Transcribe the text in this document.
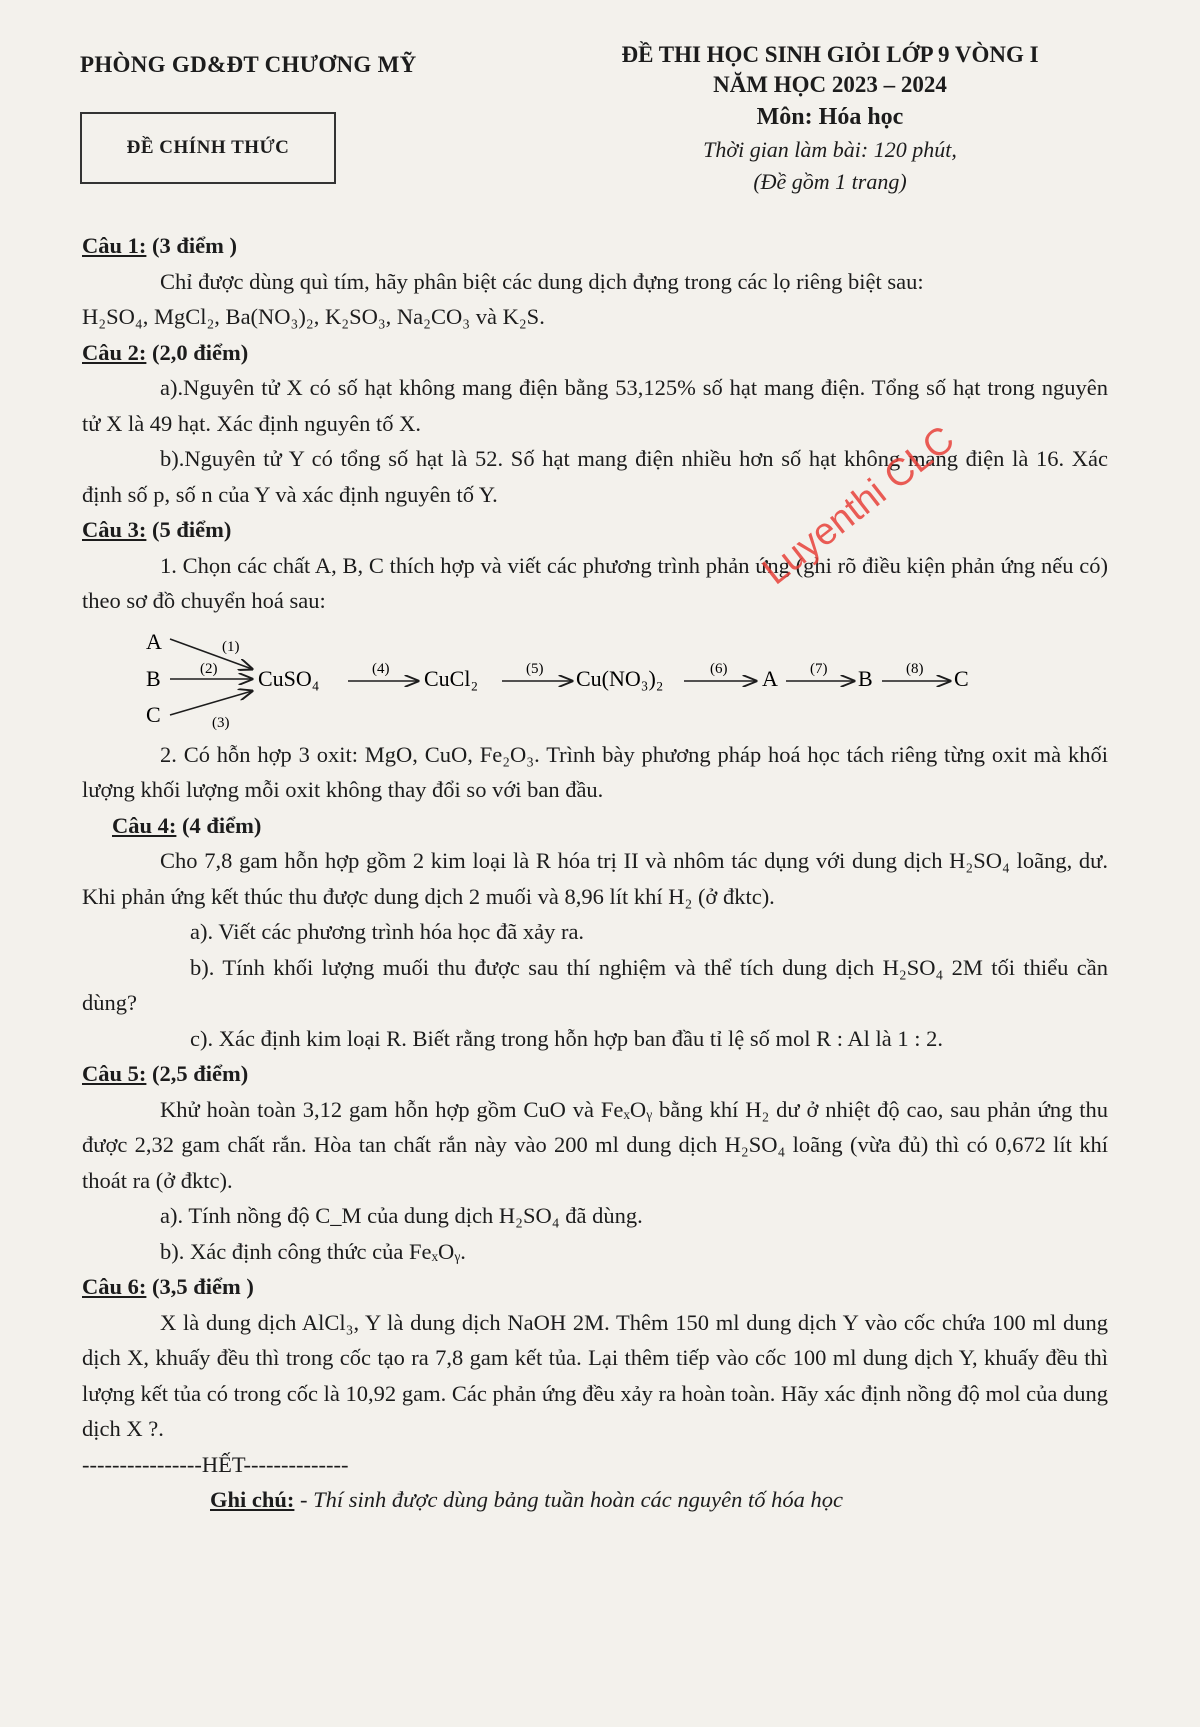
PHÒNG GD&ĐT CHƯƠNG MỸ
ĐỀ CHÍNH THỨC
ĐỀ THI HỌC SINH GIỎI LỚP 9 VÒNG I
NĂM HỌC 2023 – 2024
Môn: Hóa học
Thời gian làm bài: 120 phút,
(Đề gồm 1 trang)

Câu 1: (3 điểm )

Chỉ được dùng quì tím, hãy phân biệt các dung dịch đựng trong các lọ riêng biệt sau:

H₂SO₄, MgCl₂, Ba(NO₃)₂, K₂SO₃, Na₂CO₃ và K₂S.

Câu 2: (2,0 điểm)

a).Nguyên tử X có số hạt không mang điện bằng 53,125% số hạt mang điện. Tổng số hạt trong nguyên tử X là 49 hạt. Xác định nguyên tố X.

b).Nguyên tử Y có tổng số hạt là 52. Số hạt mang điện nhiều hơn số hạt không mang điện là 16. Xác định số p, số n của Y và xác định nguyên tố Y.

Câu 3: (5 điểm)

1. Chọn các chất A, B, C thích hợp và viết các phương trình phản ứng (ghi rõ điều kiện phản ứng nếu có) theo sơ đồ chuyển hoá sau:

A
B
C
(1)
(2)
(3)
CuSO₄	(4) CuCl₂	(5) Cu(NO₃)₂	(6) A (7) B (8) C

2. Có hỗn hợp 3 oxit: MgO, CuO, Fe₂O₃. Trình bày phương pháp hoá học tách riêng từng oxit mà khối lượng khối lượng mỗi oxit không thay đổi so với ban đầu.

Câu 4: (4 điểm)

Cho 7,8 gam hỗn hợp gồm 2 kim loại là R hóa trị II và nhôm tác dụng với dung dịch H₂SO₄ loãng, dư. Khi phản ứng kết thúc thu được dung dịch 2 muối và 8,96 lít khí H₂ (ở đktc).

a). Viết các phương trình hóa học đã xảy ra.

b). Tính khối lượng muối thu được sau thí nghiệm và thể tích dung dịch H₂SO₄ 2M tối thiểu cần dùng?

c). Xác định kim loại R. Biết rằng trong hỗn hợp ban đầu tỉ lệ số mol R : Al là 1 : 2.

Câu 5: (2,5 điểm)

Khử hoàn toàn 3,12 gam hỗn hợp gồm CuO và FeₓOᵧ bằng khí H₂ dư ở nhiệt độ cao, sau phản ứng thu được 2,32 gam chất rắn. Hòa tan chất rắn này vào 200 ml dung dịch H₂SO₄ loãng (vừa đủ) thì có 0,672 lít khí thoát ra (ở đktc).

a). Tính nồng độ C_M của dung dịch H₂SO₄ đã dùng.

b). Xác định công thức của FeₓOᵧ.

Câu 6: (3,5 điểm )

X là dung dịch AlCl₃, Y là dung dịch NaOH 2M. Thêm 150 ml dung dịch Y vào cốc chứa 100 ml dung dịch X, khuấy đều thì trong cốc tạo ra 7,8 gam kết tủa. Lại thêm tiếp vào cốc 100 ml dung dịch Y, khuấy đều thì lượng kết tủa có trong cốc là 10,92 gam. Các phản ứng đều xảy ra hoàn toàn. Hãy xác định nồng độ mol của dung dịch X ?.

----------------HẾT--------------

Ghi chú: - Thí sinh được dùng bảng tuần hoàn các nguyên tố hóa học

Luyenthi CLC
